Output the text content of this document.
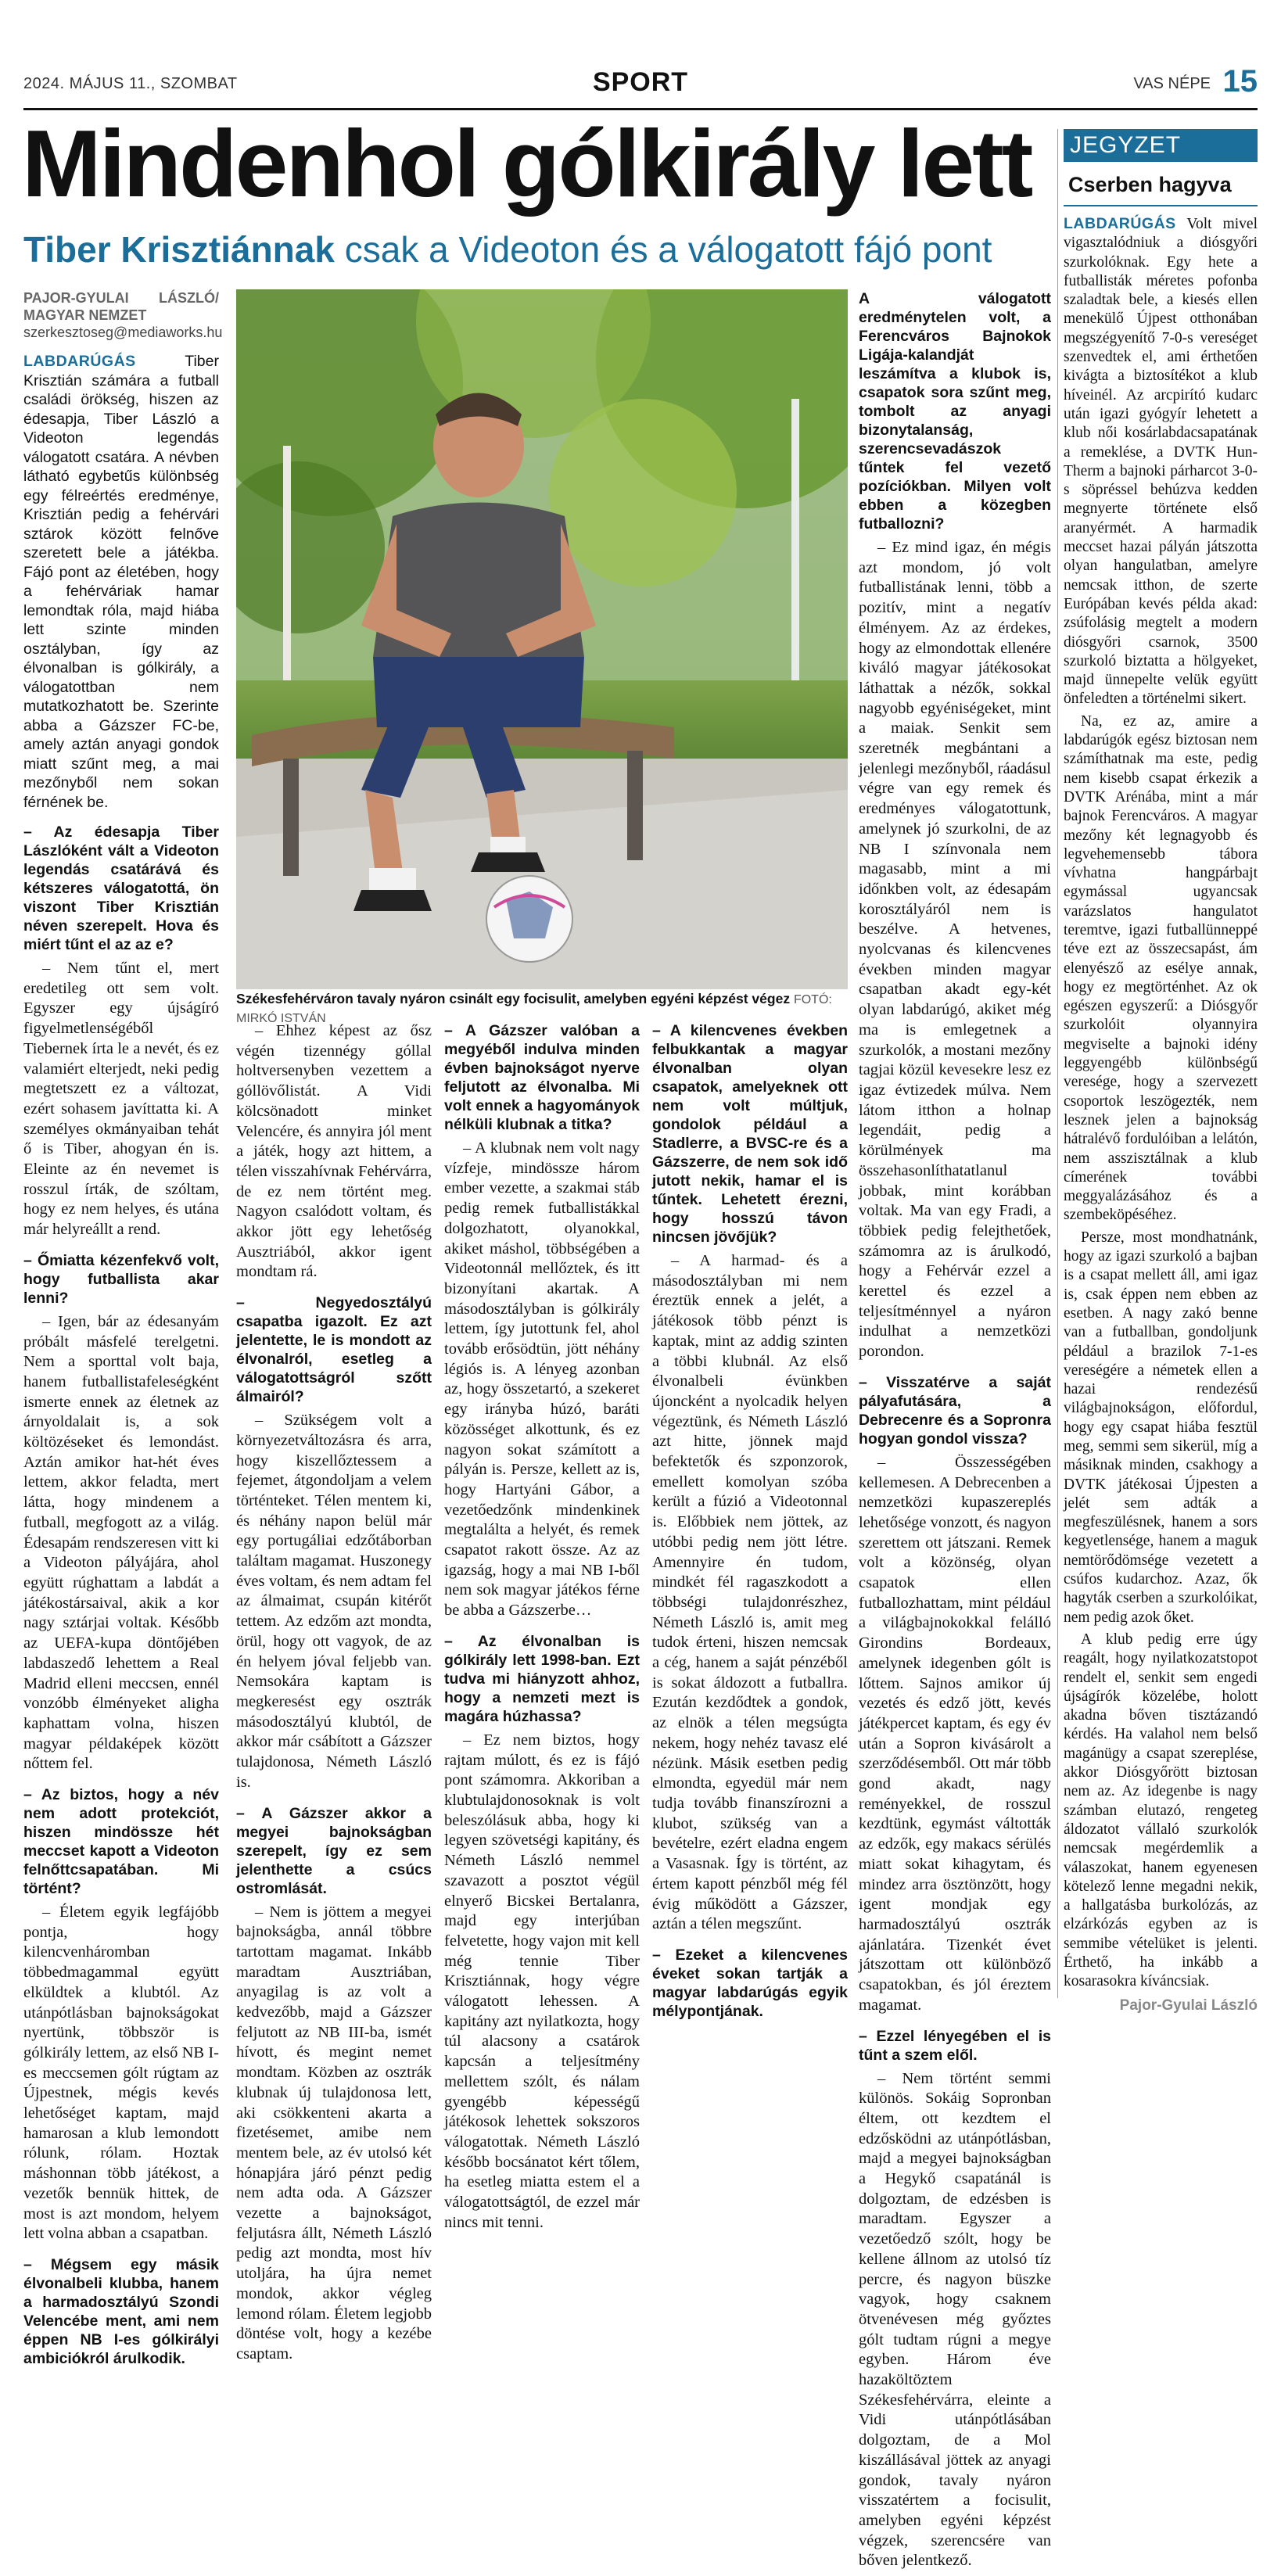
2024. MÁJUS 11., SZOMBAT	SPORT	VAS NÉPE 15
Mindenhol gólkirály lett
Tiber Krisztiánnak csak a Videoton és a válogatott fájó pont
PAJOR-GYULAI LÁSZLÓ/ MAGYAR NEMZET
szerkesztoseg@mediaworks.hu

LABDARÚGÁS	Tiber Krisztián számára a futball családi örökség, hiszen az édesapja, Tiber László a Videoton legendás válogatott csatára. A névben látható egybetűs különbség egy félreértés eredménye, Krisztián pedig a fehérvári sztárok között felnőve szeretett bele a játékba. Fájó pont az életében, hogy a fehérváriak hamar lemondtak róla, majd hiába lett szinte minden osztályban, így az élvonalban is gólkirály, a válogatottban nem mutatkozhatott be. Szerinte abba a Gázszer FC-be, amely aztán anyagi gondok miatt szűnt meg, a mai mezőnyből nem sokan férnének be.

– Az édesapja Tiber Lászlóként vált a Videoton legendás csatárává és kétszeres válogatottá, ön viszont Tiber Krisztián néven szerepelt. Hova és miért tűnt el az az e?

– Nem tűnt el, mert eredetileg ott sem volt. Egyszer egy újságíró figyelmetlenségéből Tiebernek írta le a nevét, és ez valamiért elterjedt, neki pedig megtetszett ez a változat, ezért sohasem javíttatta ki. A személyes okmányaiban tehát ő is Tiber, ahogyan én is. Eleinte az én nevemet is rosszul írták, de szóltam, hogy ez nem helyes, és utána már helyreállt a rend.

– Őmiatta kézenfekvő volt, hogy futballista akar lenni?

– Igen, bár az édesanyám próbált másfelé terelgetni. Nem a sporttal volt baja, hanem futballistafeleségként ismerte ennek az életnek az árnyoldalait is, a sok költözéseket és lemondást. Aztán amikor hat-hét éves lettem, akkor feladta, mert látta, hogy mindenem a futball, megfogott az a világ. Édesapám rendszeresen vitt ki a Videoton pályájára, ahol együtt rúghattam a labdát a játékostársaival, akik a kor nagy sztárjai voltak. Később az UEFA-kupa döntőjében labdaszedő lehettem a Real Madrid elleni meccsen, ennél vonzóbb élményeket aligha kaphattam volna, hiszen magyar példaképek között nőttem fel.

– Az biztos, hogy a név nem adott protekciót, hiszen mindössze hét meccset kapott a Videoton felnőttcsapatában. Mi történt?

– Életem egyik legfájóbb pontja, hogy kilencvenháromban többedmagammal együtt elküldtek a klubtól. Az utánpótlásban bajnokságokat nyertünk, többször is gólkirály lettem, az első NB I-es meccsemen gólt rúgtam az Újpestnek, mégis kevés lehetőséget kaptam, majd hamarosan a klub lemondott rólunk, rólam. Hoztak máshonnan több játékost, a vezetők bennük hittek, de most is azt mondom, helyem lett volna abban a csapatban.

– Mégsem egy másik élvonalbeli klubba, hanem a harmadosztályú Szondi Velencébe ment, ami nem éppen NB I-es gólkirályi ambiciókról árulkodik.

Székesfehérváron tavaly nyáron csinált egy focisulit, amelyben egyéni képzést végez FOTÓ: MIRKÓ ISTVÁN

A válogatott eredménytelen volt, a Ferencváros Bajnokok Ligája-kalandját leszámítva a klubok is, csapatok sora szűnt meg, tombolt az anyagi bizonytalanság, szerencsevadászok tűntek fel vezető pozíciókban. Milyen volt ebben a közegben futballozni?

– Ez mind igaz, én mégis azt mondom, jó volt futballistának lenni, több a pozitív, mint a negatív élményem. Az az érdekes, hogy az elmondottak ellenére kiváló magyar játékosokat láthattak a nézők, sokkal nagyobb egyéniségeket, mint a maiak. Senkit sem szeretnék megbántani a jelenlegi mezőnyből, ráadásul végre van egy remek és eredményes válogatottunk, amelynek jó szurkolni, de az NB I színvonala nem magasabb, mint a mi időnkben volt, az édesapám korosztályáról nem is beszélve. A hetvenes, nyolcvanas és kilencvenes években minden magyar csapatban akadt egy-két olyan labdarúgó, akiket még ma is emlegetnek a szurkolók, a mostani mezőny tagjai közül kevesekre lesz ez igaz évtizedek múlva. Nem látom itthon a holnap legendáit, pedig a körülmények ma összehasonlíthatatlanul jobbak, mint korábban voltak. Ma van egy Fradi, a többiek pedig felejthetőek, számomra az is árulkodó, hogy a Fehérvár ezzel a kerettel és ezzel a teljesítménnyel a nyáron indulhat a nemzetközi porondon.

– Visszatérve a saját pályafutására, a Debrecenre és a Sopronra hogyan gondol vissza?

– Összességében kellemesen. A Debrecenben a nemzetközi kupaszereplés lehetősége vonzott, és nagyon szerettem ott játszani. Remek volt a közönség, olyan csapatok ellen futballozhattam, mint például a világbajnokokkal felálló Girondins Bordeaux, amelynek idegenben gólt is lőttem. Sajnos amikor új vezetés és edző jött, kevés játékpercet kaptam, és egy év után a Sopron kivásárolt a szerződésemből. Ott már több gond akadt, nagy reményekkel, de rosszul kezdtünk, egymást váltották az edzők, egy makacs sérülés miatt sokat kihagytam, és mindez arra ösztönzött, hogy igent mondjak egy harmadosztályú osztrák ajánlatára. Tizenkét évet játszottam ott különböző csapatokban, és jól éreztem magamat.

– Ezzel lényegében el is tűnt a szem elől.

– Nem történt semmi különös. Sokáig Sopronban éltem, ott kezdtem el edzősködni az utánpótlásban, majd a megyei bajnokságban a Hegykő csapatánál is dolgoztam, de edzésben is maradtam. Egyszer a vezetőedző szólt, hogy be kellene állnom az utolsó tíz percre, és nagyon büszke vagyok, hogy csaknem ötvenévesen még győztes gólt tudtam rúgni a megye egyben. Három éve hazaköltöztem Székesfehérvárra, eleinte a Vidi utánpótlásában dolgoztam, de a Mol kiszállásával jöttek az anyagi gondok, tavaly nyáron visszatértem a focisulit, amelyben egyéni képzést végzek, szerencsére van bőven jelentkező.

– Ehhez képest az ősz végén tizennégy góllal holtversenyben vezettem a góllövőlistát. A Vidi kölcsönadott minket Velencére, és annyira jól ment a játék, hogy azt hittem, a télen visszahívnak Fehérvárra, de ez nem történt meg. Nagyon csalódott voltam, és akkor jött egy lehetőség Ausztriából, akkor igent mondtam rá.

– Negyedosztályú csapatba igazolt. Ez azt jelentette, le is mondott az élvonalról, esetleg a válogatottságról szőtt álmairól?

– Szükségem volt a környezetváltozásra és arra, hogy kiszellőztessem a fejemet, átgondoljam a velem történteket. Télen mentem ki, és néhány napon belül már egy portugáliai edzőtáborban találtam magamat. Huszonegy éves voltam, és nem adtam fel az álmaimat, csupán kitérőt tettem. Az edzőm azt mondta, örül, hogy ott vagyok, de az én helyem jóval feljebb van. Nemsokára kaptam is megkeresést egy osztrák másodosztályú klubtól, de akkor már csábított a Gázszer tulajdonosa, Németh László is.

– A Gázszer akkor a megyei bajnokságban szerepelt, így ez sem jelenthette a csúcs ostromlását.

– Nem is jöttem a megyei bajnokságba, annál többre tartottam magamat. Inkább maradtam Ausztriában, anyagilag is az volt a kedvezőbb, majd a Gázszer feljutott az NB III-ba, ismét hívott, és megint nemet mondtam. Közben az osztrák klubnak új tulajdonosa lett, aki csökkenteni akarta a fizetésemet, amibe nem mentem bele, az év utolsó két hónapjára járó pénzt pedig nem adta oda. A Gázszer vezette a bajnokságot, feljutásra állt, Németh László pedig azt mondta, most hív utoljára, ha újra nemet mondok, akkor végleg lemond rólam. Életem legjobb döntése volt, hogy a kezébe csaptam.

– A Gázszer valóban a megyéből indulva minden évben bajnokságot nyerve feljutott az élvonalba. Mi volt ennek a hagyományok nélküli klubnak a titka?

– A klubnak nem volt nagy vízfeje, mindössze három ember vezette, a szakmai stáb pedig remek futballistákkal dolgozhatott, olyanokkal, akiket máshol, többségében a Videotonnál mellőztek, és itt bizonyítani akartak. A másodosztályban is gólkirály lettem, így jutottunk fel, ahol tovább erősödtün, jött néhány légiós is. A lényeg azonban az, hogy összetartó, a szekeret egy irányba húzó, baráti közösséget alkottunk, és ez nagyon sokat számított a pályán is. Persze, kellett az is, hogy Hartyáni Gábor, a vezetőedzőnk mindenkinek megtalálta a helyét, és remek csapatot rakott össze. Az az igazság, hogy a mai NB I-ből nem sok magyar játékos férne be abba a Gázszerbe…

– Az élvonalban is gólkirály lett 1998-ban. Ezt tudva mi hiányzott ahhoz, hogy a nemzeti mezt is magára húzhassa?

– Ez nem biztos, hogy rajtam múlott, és ez is fájó pont számomra. Akkoriban a klubtulajdonosoknak is volt beleszólásuk abba, hogy ki legyen szövetségi kapitány, és Németh László nemmel szavazott a posztot végül elnyerő Bicskei Bertalanra, majd egy interjúban felvetette, hogy vajon mit kell még tennie Tiber Krisztiánnak, hogy végre válogatott lehessen. A kapitány azt nyilatkozta, hogy túl alacsony a csatárok kapcsán a teljesítmény mellettem szólt, és nálam gyengébb képességű játékosok lehettek sokszoros válogatottak. Németh László később bocsánatot kért tőlem, ha esetleg miatta estem el a válogatottságtól, de ezzel már nincs mit tenni.

– A kilencvenes években felbukkantak a magyar élvonalban olyan csapatok, amelyeknek ott nem volt múltjuk, gondolok például a Stadlerre, a BVSC-re és a Gázszerre, de nem sok idő jutott nekik, hamar el is tűntek. Lehetett érezni, hogy hosszú távon nincsen jövőjük?

– A harmad- és a másodosztályban mi nem éreztük ennek a jelét, a játékosok több pénzt is kaptak, mint az addig szinten a többi klubnál. Az első élvonalbeli évünkben újoncként a nyolcadik helyen végeztünk, és Németh László azt hitte, jönnek majd befektetők és szponzorok, emellett komolyan szóba került a fúzió a Videotonnal is. Előbbiek nem jöttek, az utóbbi pedig nem jött létre. Amennyire én tudom, mindkét fél ragaszkodott a többségi tulajdonrészhez, Németh László is, amit meg tudok érteni, hiszen nemcsak a cég, hanem a saját pénzéből is sokat áldozott a futballra. Ezután kezdődtek a gondok, az elnök a télen megsúgta nekem, hogy nehéz tavasz elé nézünk. Másik esetben pedig elmondta, egyedül már nem tudja tovább finanszírozni a klubot, szükség van a bevételre, ezért eladna engem a Vasasnak. Így is történt, az értem kapott pénzből még fél évig működött a Gázszer, aztán a télen megszűnt.

– Ezeket a kilencvenes éveket sokan tartják a magyar labdarúgás egyik mélypontjának.

JEGYZET
Cserben hagyva

LABDARÚGÁS Volt mivel vigasztalódniuk a diósgyőri szurkolóknak. Egy hete a futballisták méretes pofonba szaladtak bele, a kiesés ellen menekülő Újpest otthonában megszégyenítő 7-0-s vereséget szenvedtek el, ami érthetően kivágta a biztosítékot a klub híveinél. Az arcpirító kudarc után igazi gyógyír lehetett a klub női kosárlabdacsapatának a remeklése, a DVTK Hun-Therm a bajnoki párharcot 3-0-s söpréssel behúzva kedden megnyerte története első aranyérmét. A harmadik meccset hazai pályán játszotta olyan hangulatban, amelyre nemcsak itthon, de szerte Európában kevés példa akad: zsúfolásig megtelt a modern diósgyőri csarnok, 3500 szurkoló biztatta a hölgyeket, majd ünnepelte velük együtt önfeledten a történelmi sikert.

Na, ez az, amire a labdarúgók egész biztosan nem számíthatnak ma este, pedig nem kisebb csapat érkezik a DVTK Arénába, mint a már bajnok Ferencváros. A magyar mezőny két legnagyobb és legvehemensebb tábora vívhatna hangpárbajt egymással ugyancsak varázslatos hangulatot teremtve, igazi futballünneppé téve ezt az összecsapást, ám elenyésző az esélye annak, hogy ez megtörténhet. Az ok egészen egyszerű: a Diósgyőr szurkolóit olyannyira megviselte a bajnoki idény leggyengébb különbségű veresége, hogy a szervezett csoportok leszögezték, nem lesznek jelen a bajnokság hátralévő fordulóiban a lelátón, nem asszisztálnak a klub címerének további meggyalázásához és a szembeköpéséhez.

Persze, most mondhatnánk, hogy az igazi szurkoló a bajban is a csapat mellett áll, ami igaz is, csak éppen nem ebben az esetben. A nagy zakó benne van a futballban, gondoljunk például a brazilok 7-1-es vereségére a németek ellen a hazai rendezésű világbajnokságon, előfordul, hogy egy csapat hiába fesztül meg, semmi sem sikerül, míg a másiknak minden, csakhogy a DVTK játékosai Újpesten a jelét sem adták a megfeszülésnek, hanem a sors kegyetlensége, hanem a maguk nemtörődömsége vezetett a csúfos kudarchoz. Azaz, ők hagyták cserben a szurkolóikat, nem pedig azok őket.

A klub pedig erre úgy reagált, hogy nyilatkozatstopot rendelt el, senkit sem engedi újságírók közelébe, holott akadna bőven tisztázandó kérdés. Ha valahol nem belső magánügy a csapat szereplése, akkor Diósgyőrött biztosan nem az. Az idegenbe is nagy számban elutazó, rengeteg áldozatot vállaló szurkolók nemcsak megérdemlik a válaszokat, hanem egyenesen kötelező lenne megadni nekik, a hallgatásba burkolózás, az elzárkózás egyben az is semmibe vételüket is jelenti. Érthető, ha inkább a kosarasokra kíváncsiak.

Pajor-Gyulai László
